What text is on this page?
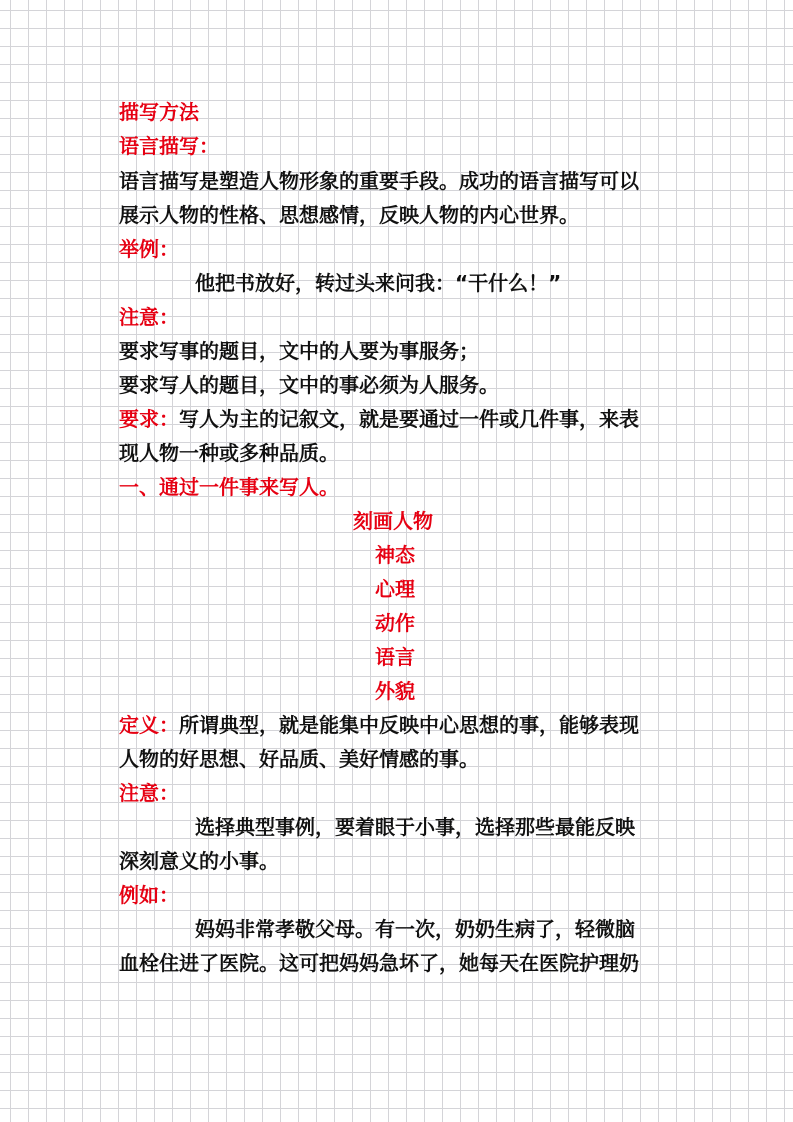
描写方法
语言描写：
语言描写是塑造人物形象的重要手段。成功的语言描写可以
展示人物的性格、思想感情，反映人物的内心世界。
举例：
他把书放好，转过头来问我：“干什么！”
注意：
要求写事的题目，文中的人要为事服务；
要求写人的题目，文中的事必须为人服务。
要求：写人为主的记叙文，就是要通过一件或几件事，来表
现人物一种或多种品质。
一、通过一件事来写人。
刻画人物
神态
心理
动作
语言
外貌
定义：所谓典型，就是能集中反映中心思想的事，能够表现
人物的好思想、好品质、美好情感的事。
注意：
选择典型事例，要着眼于小事，选择那些最能反映
深刻意义的小事。
例如：
妈妈非常孝敬父母。有一次，奶奶生病了，轻微脑
血栓住进了医院。这可把妈妈急坏了，她每天在医院护理奶
